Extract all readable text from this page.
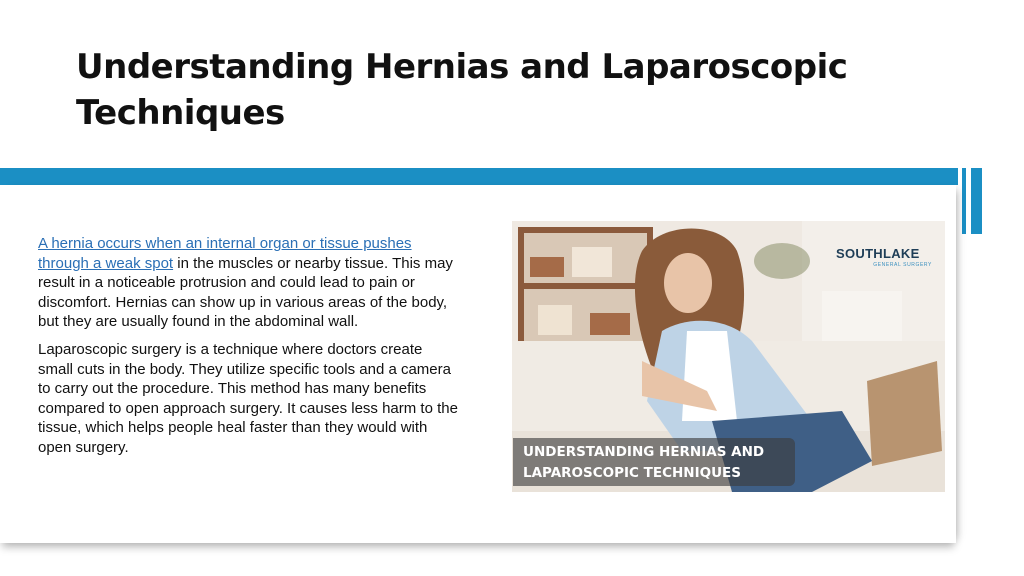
Understanding Hernias and Laparoscopic Techniques

A hernia occurs when an internal organ or tissue pushes through a weak spot in the muscles or nearby tissue. This may result in a noticeable protrusion and could lead to pain or discomfort. Hernias can show up in various areas of the body, but they are usually found in the abdominal wall.

Laparoscopic surgery is a technique where doctors create small cuts in the body. They utilize specific tools and a camera to carry out the procedure. This method has many benefits compared to open approach surgery. It causes less harm to the tissue, which helps people heal faster than they would with open surgery.

SOUTHLAKE
GENERAL SURGERY
UNDERSTANDING HERNIAS AND
LAPAROSCOPIC TECHNIQUES
